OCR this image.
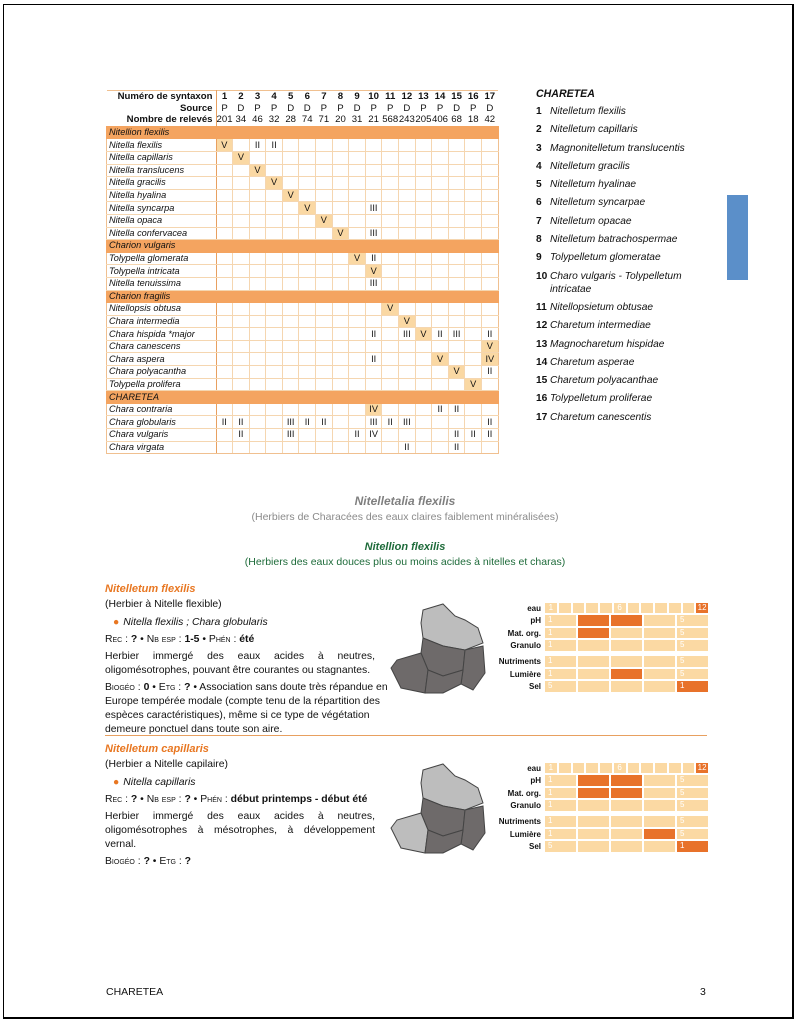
Numéro de syntaxon	1	2	3	4	5	6	7	8	9	10	11	12	13	14	15	16	17
Source	P	D	P	P	D	D	P	P	D	P	P	D	P	P	D	P	D
Nombre de relevés	201	34	46	32	28	74	71	20	31	21	568	243	205	406	68	18	42
Nitellion flexilis																	
Nitella flexilis	V		II	II													
Nitella capillaris		V															
Nitella translucens			V														
Nitella gracilis				V													
Nitella hyalina					V												
Nitella syncarpa						V				III							
Nitella opaca							V										
Nitella confervacea								V		III							
Charion vulgaris																	
Tolypella glomerata									V	II							
Tolypella intricata										V							
Nitella tenuissima										III							
Charion fragilis																	
Nitellopsis obtusa											V						
Chara intermedia												V					
Chara hispida *major										II		III	V	II	III		II
Chara canescens																	V
Chara aspera										II				V			IV
Chara polyacantha															V		II
Tolypella prolifera																V	
CHARETEA																	
Chara contraria										IV				II	II		
Chara globularis	II	II			III	II	II			III	II	III					II
Chara vulgaris		II			III				II	IV					II	II	II
Chara virgata												II			II		
CHARETEA
1 Nitelletum flexilis
2 Nitelletum capillaris
3 Magnonitelletum translucentis
4 Nitelletum gracilis
5 Nitelletum hyalinae
6 Nitelletum syncarpae
7 Nitelletum opacae
8 Nitelletum batrachospermae
9 Tolypelletum glomeratae
10 Charo vulgaris - Tolypelletum intricatae
11 Nitellopsietum obtusae
12 Charetum intermediae
13 Magnocharetum hispidae
14 Charetum asperae
15 Charetum polyacanthae
16 Tolypelletum proliferae
17 Charetum canescentis
Nitelletalia flexilis
(Herbiers de Characées des eaux claires faiblement minéralisées)
Nitellion flexilis
(Herbiers des eaux douces plus ou moins acides à nitelles et charas)
Nitelletum flexilis
(Herbier à Nitelle flexible)
● Nitella flexilis ; Chara globularis
Rec : ? • Nb esp : 1-5 • Phén : été
Herbier immergé des eaux acides à neutres, oligomésotrophes, pouvant être courantes ou stagnantes.
Biogéo : 0 • Etg : ? • Association sans doute très répandue en Europe tempérée modale (compte tenu de la répartition des espèces caractéristiques), même si ce type de végétation demeure ponctuel dans toute son aire.
eau 1	6	12
pH 1	5
Mat. org. 1	5
Granulo 1	5
Nutriments 1	5
Lumière 1	5
Sel 5	1
Nitelletum capillaris
(Herbier a Nitelle capilaire)
● Nitella capillaris
Rec : ? • Nb esp : ? • Phén : début printemps - début été
Herbier immergé des eaux acides à neutres, oligomésotrophes à mésotrophes, à développement vernal.
Biogéo : ? • Etg : ?
eau 1	6	12
pH 1	5
Mat. org. 1	5
Granulo 1	5
Nutriments 1	5
Lumière 1	5
Sel 5	1
CHARETEA	3
